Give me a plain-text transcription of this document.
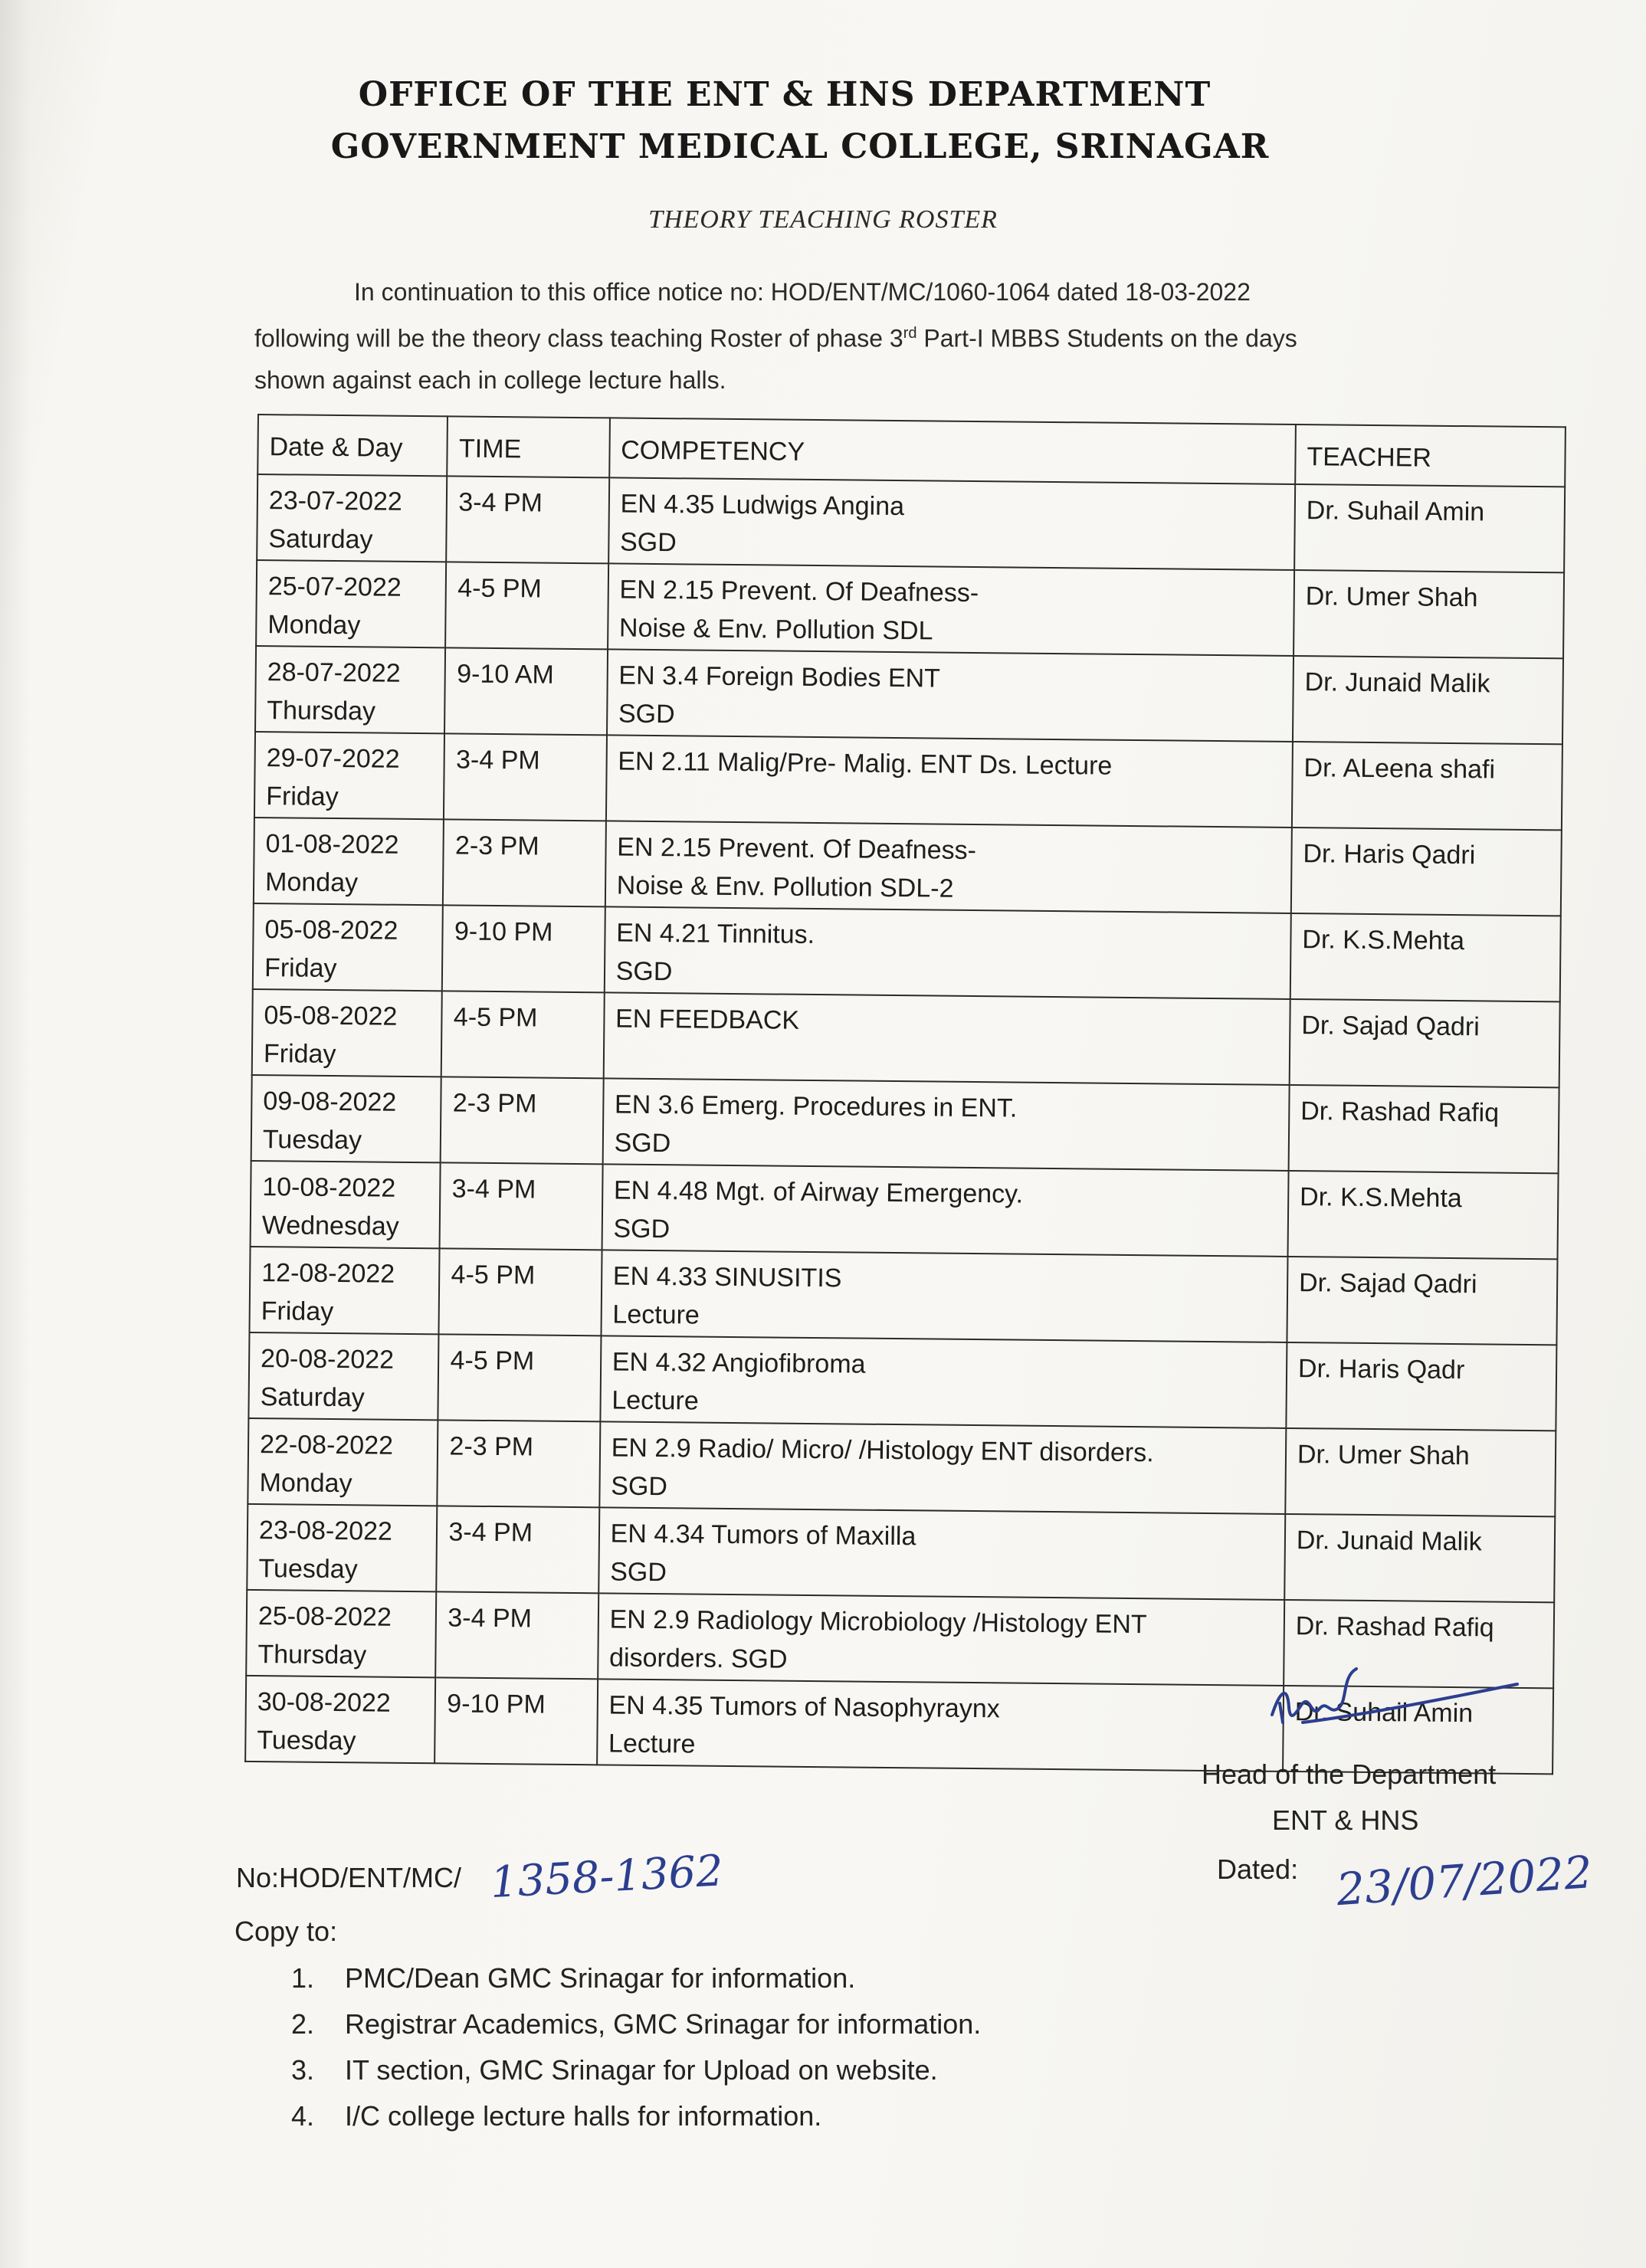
OFFICE OF THE ENT & HNS DEPARTMENT
GOVERNMENT MEDICAL COLLEGE, SRINAGAR
THEORY TEACHING ROSTER
In continuation to this office notice no: HOD/ENT/MC/1060-1064 dated 18-03-2022
following will be the theory class teaching Roster of phase 3rd Part-I MBBS Students on the days
shown against each in college lecture halls.
Date & Day	TIME	COMPETENCY	TEACHER

23-07-2022
Saturday	3-4 PM	EN 4.35 Ludwigs Angina
SGD	Dr. Suhail Amin

25-07-2022
Monday	4-5 PM	EN 2.15 Prevent. Of Deafness-
Noise & Env. Pollution SDL	Dr. Umer Shah

28-07-2022
Thursday	9-10 AM	EN 3.4 Foreign Bodies ENT
SGD	Dr. Junaid Malik

29-07-2022
Friday	3-4 PM	EN 2.11 Malig/Pre- Malig. ENT Ds. Lecture	Dr. ALeena shafi

01-08-2022
Monday	2-3 PM	EN 2.15 Prevent. Of Deafness-
Noise & Env. Pollution SDL-2	Dr. Haris Qadri

05-08-2022
Friday	9-10 PM	EN 4.21 Tinnitus.
SGD	Dr. K.S.Mehta

05-08-2022
Friday	4-5 PM	EN FEEDBACK	Dr. Sajad Qadri

09-08-2022
Tuesday	2-3 PM	EN 3.6 Emerg. Procedures in ENT.
SGD	Dr. Rashad Rafiq

10-08-2022
Wednesday	3-4 PM	EN 4.48 Mgt. of Airway Emergency.
SGD	Dr. K.S.Mehta

12-08-2022
Friday	4-5 PM	EN 4.33 SINUSITIS
Lecture	Dr. Sajad Qadri

20-08-2022
Saturday	4-5 PM	EN 4.32 Angiofibroma
Lecture	Dr. Haris Qadr

22-08-2022
Monday	2-3 PM	EN 2.9 Radio/ Micro/ /Histology ENT disorders.
SGD	Dr. Umer Shah

23-08-2022
Tuesday	3-4 PM	EN 4.34 Tumors of Maxilla
SGD	Dr. Junaid Malik

25-08-2022
Thursday	3-4 PM	EN 2.9 Radiology Microbiology /Histology ENT
disorders. SGD	Dr. Rashad Rafiq

30-08-2022
Tuesday	9-10 PM	EN 4.35 Tumors of Nasophyraynx
Lecture	Dr. Suhail Amin
Head of the Department
ENT & HNS
Dated: 23/07/2022
No:HOD/ENT/MC/ 1358-1362
Copy to:
1.	PMC/Dean GMC Srinagar for information.
2.	Registrar Academics, GMC Srinagar for information.
3.	IT section, GMC Srinagar for Upload on website.
4.	I/C college lecture halls for information.
